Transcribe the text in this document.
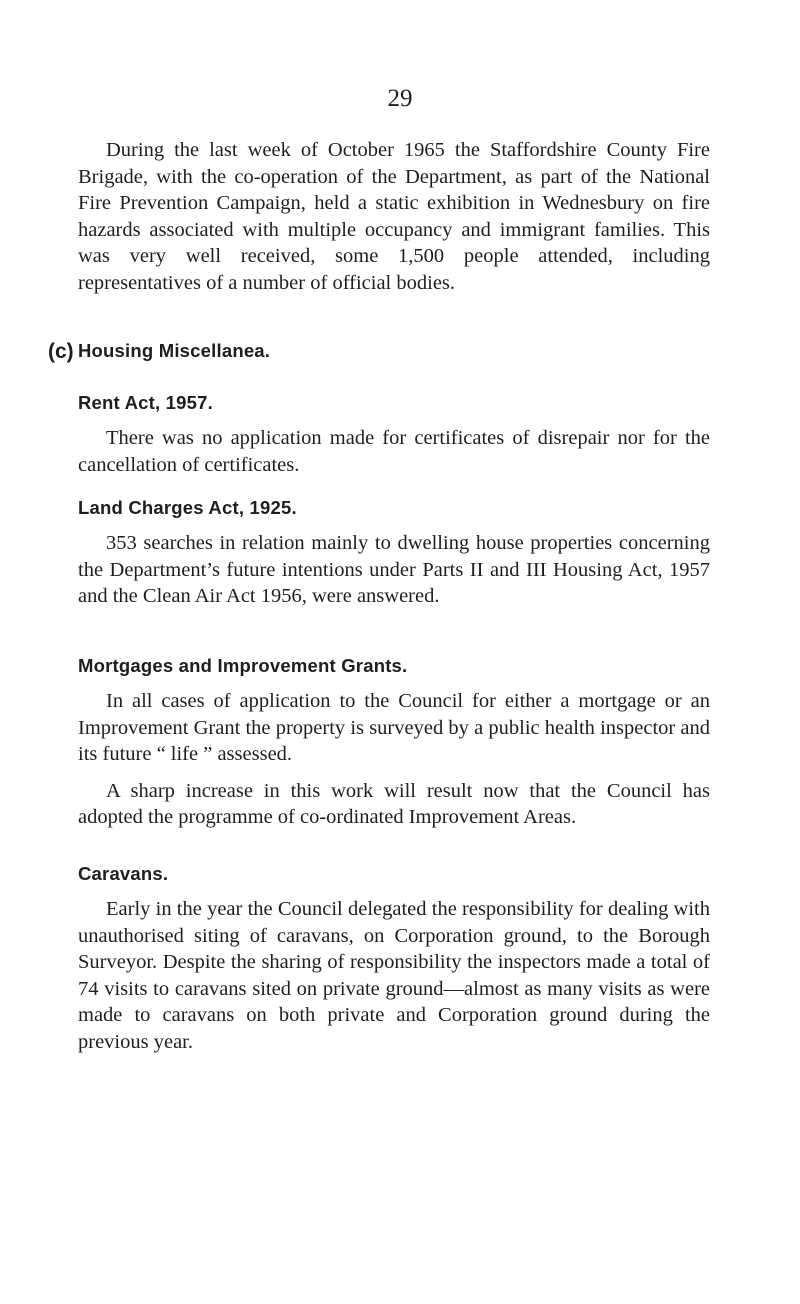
29

During the last week of October 1965 the Staffordshire County Fire Brigade, with the co-operation of the Department, as part of the National Fire Prevention Campaign, held a static exhibition in Wednesbury on fire hazards associated with multiple occupancy and immigrant families. This was very well received, some 1,500 people attended, including representatives of a number of official bodies.

(c) Housing Miscellanea.
Rent Act, 1957.

There was no application made for certificates of disrepair nor for the cancellation of certificates.

Land Charges Act, 1925.

353 searches in relation mainly to dwelling house properties concerning the Department’s future intentions under Parts II and III Housing Act, 1957 and the Clean Air Act 1956, were answered.

Mortgages and Improvement Grants.

In all cases of application to the Council for either a mortgage or an Improvement Grant the property is surveyed by a public health inspector and its future “ life ” assessed.

A sharp increase in this work will result now that the Council has adopted the programme of co-ordinated Improvement Areas.

Caravans.

Early in the year the Council delegated the responsibility for dealing with unauthorised siting of caravans, on Corporation ground, to the Borough Surveyor. Despite the sharing of responsibility the inspectors made a total of 74 visits to caravans sited on private ground—almost as many visits as were made to caravans on both private and Corporation ground during the previous year.
